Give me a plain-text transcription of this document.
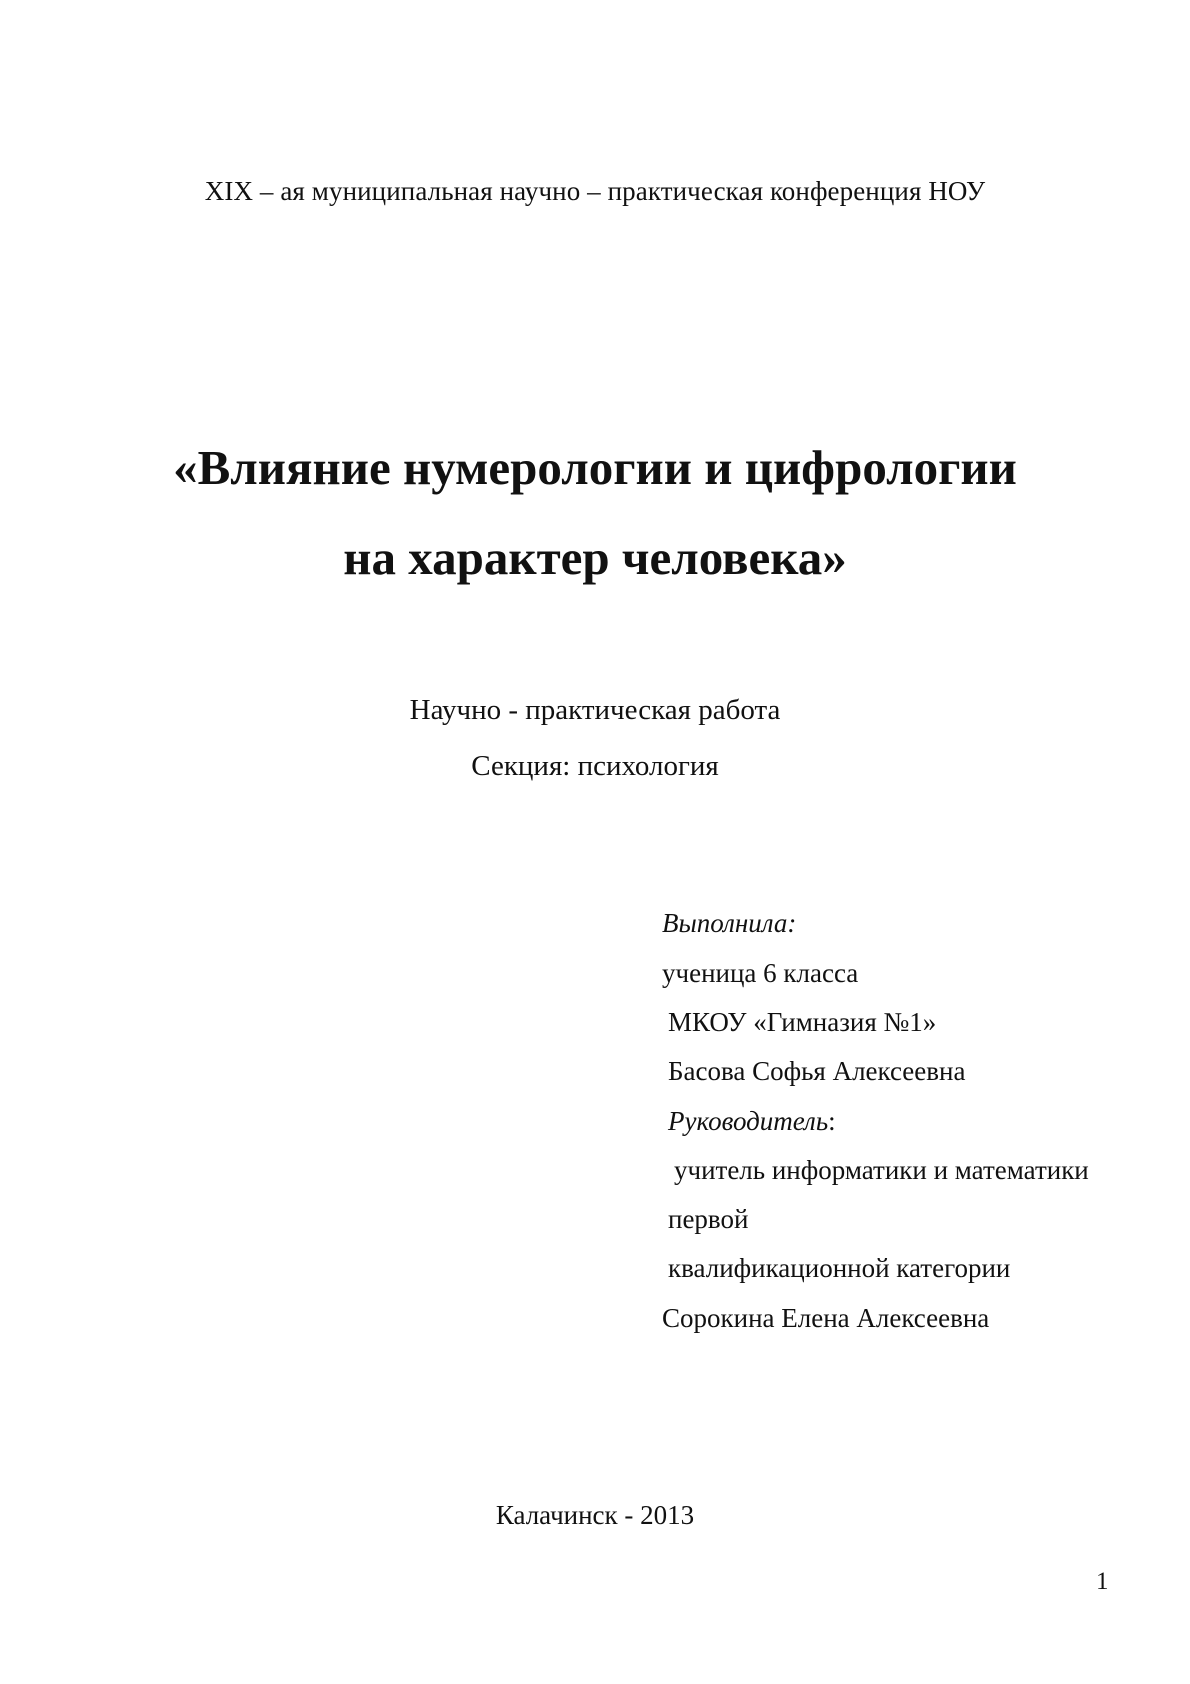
XIX – ая муниципальная научно – практическая конференция НОУ
«Влияние нумерологии и цифрологии
на характер человека»
Научно - практическая работа
Секция: психология
Выполнила:
ученица 6 класса
МКОУ «Гимназия №1»
Басова Софья Алексеевна
Руководитель:
учитель информатики и математики
первой
квалификационной категории
Сорокина Елена Алексеевна
Калачинск - 2013
1
